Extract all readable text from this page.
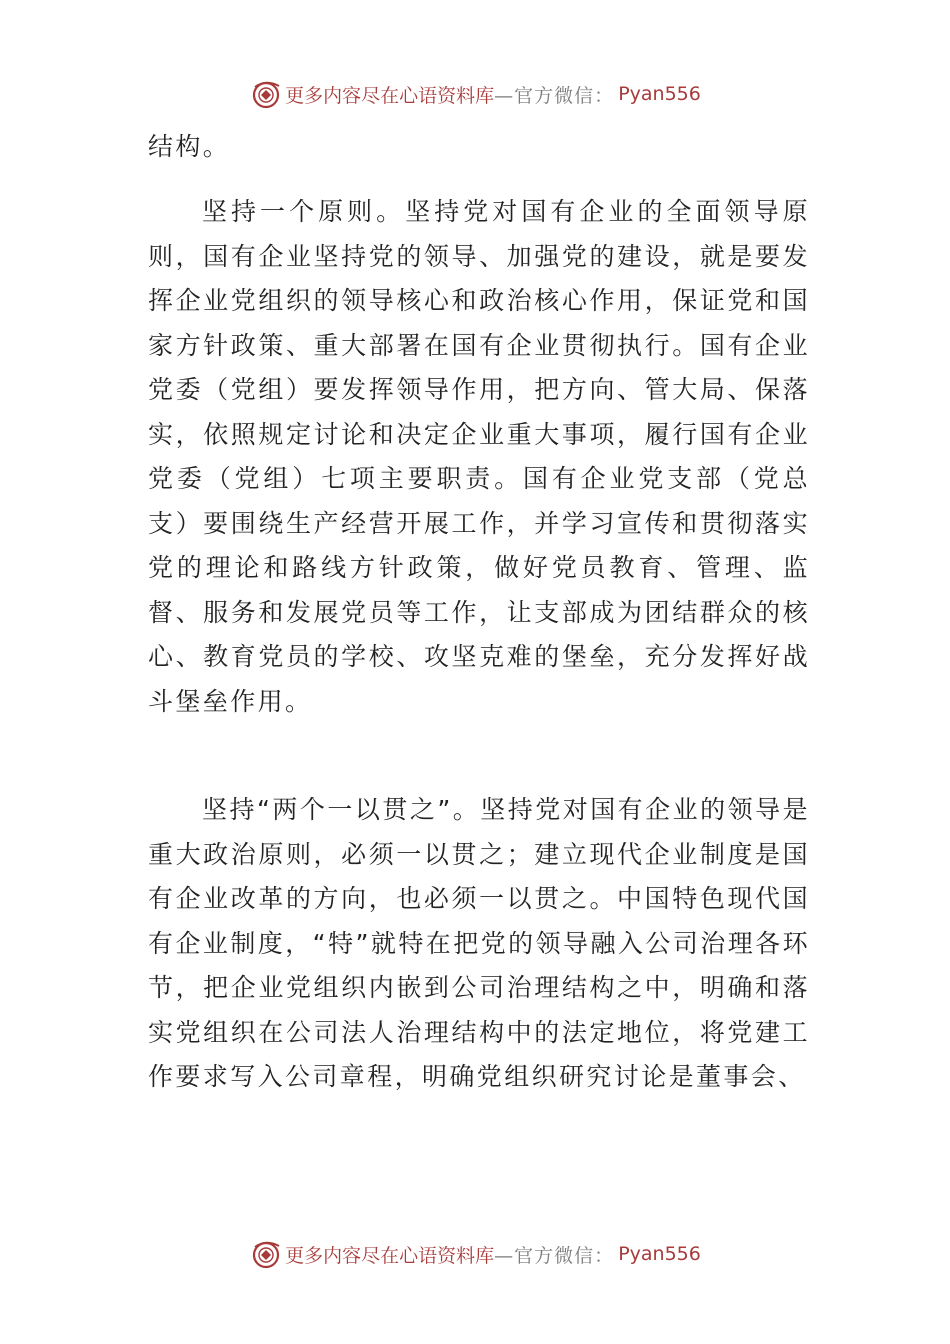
更多内容尽在心语资料库 —官方微信： Pyan556

结构。

坚持一个原则。坚持党对国有企业的全面领导原则，国有企业坚持党的领导、加强党的建设，就是要发挥企业党组织的领导核心和政治核心作用，保证党和国家方针政策、重大部署在国有企业贯彻执行。国有企业党委（党组）要发挥领导作用，把方向、管大局、保落实，依照规定讨论和决定企业重大事项，履行国有企业党委（党组）七项主要职责。国有企业党支部（党总支）要围绕生产经营开展工作，并学习宣传和贯彻落实党的理论和路线方针政策，做好党员教育、管理、监督、服务和发展党员等工作，让支部成为团结群众的核心、教育党员的学校、攻坚克难的堡垒，充分发挥好战斗堡垒作用。

坚持“两个一以贯之”。坚持党对国有企业的领导是重大政治原则，必须一以贯之；建立现代企业制度是国有企业改革的方向，也必须一以贯之。中国特色现代国有企业制度，“特”就特在把党的领导融入公司治理各环节，把企业党组织内嵌到公司治理结构之中，明确和落实党组织在公司法人治理结构中的法定地位，将党建工作要求写入公司章程，明确党组织研究讨论是董事会、

更多内容尽在心语资料库 —官方微信： Pyan556
